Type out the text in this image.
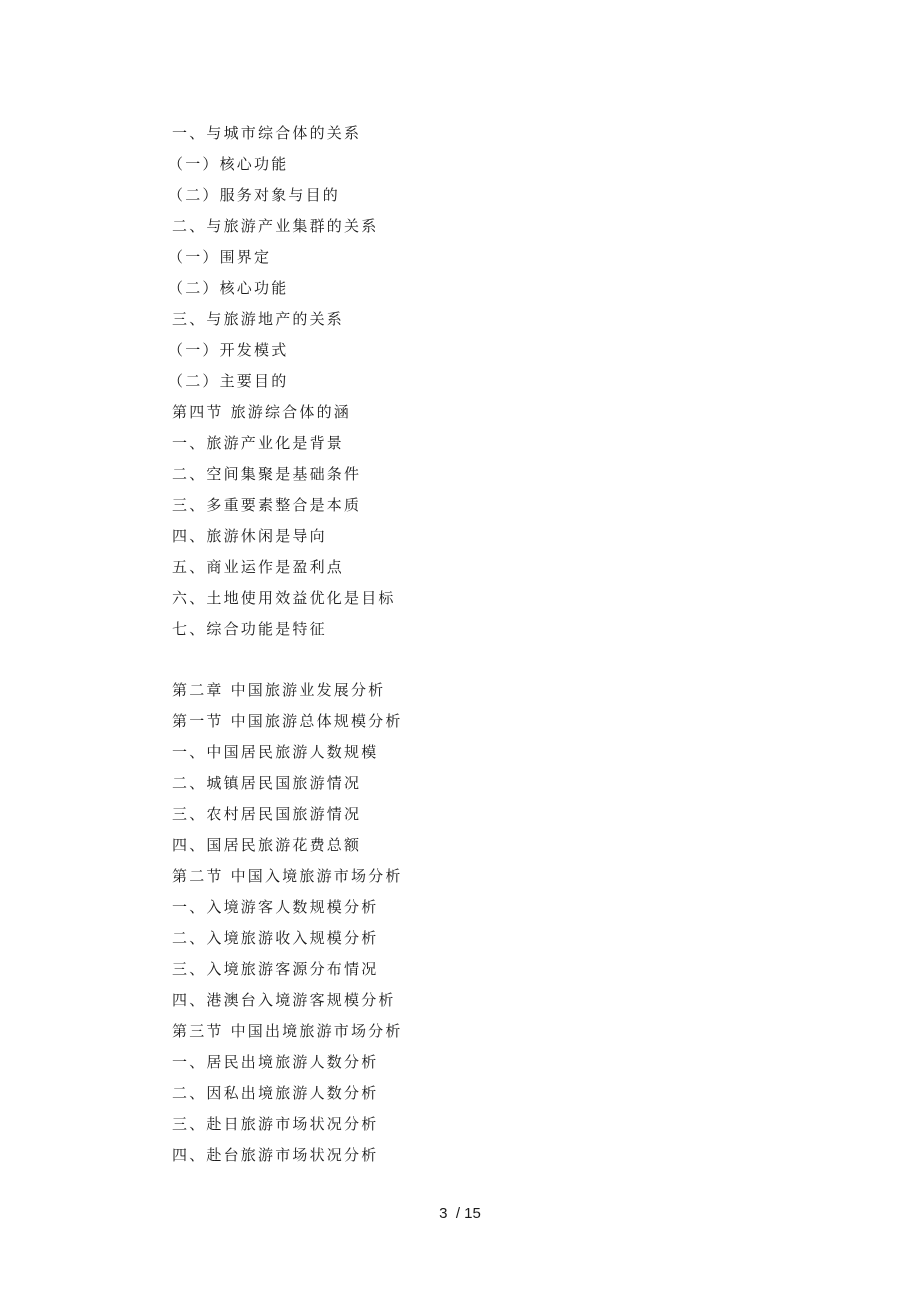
一、与城市综合体的关系
（一）核心功能
（二）服务对象与目的
二、与旅游产业集群的关系
（一）围界定
（二）核心功能
三、与旅游地产的关系
（一）开发模式
（二）主要目的
第四节 旅游综合体的涵
一、旅游产业化是背景
二、空间集聚是基础条件
三、多重要素整合是本质
四、旅游休闲是导向
五、商业运作是盈利点
六、土地使用效益优化是目标
七、综合功能是特征
第二章 中国旅游业发展分析
第一节 中国旅游总体规模分析
一、中国居民旅游人数规模
二、城镇居民国旅游情况
三、农村居民国旅游情况
四、国居民旅游花费总额
第二节 中国入境旅游市场分析
一、入境游客人数规模分析
二、入境旅游收入规模分析
三、入境旅游客源分布情况
四、港澳台入境游客规模分析
第三节 中国出境旅游市场分析
一、居民出境旅游人数分析
二、因私出境旅游人数分析
三、赴日旅游市场状况分析
四、赴台旅游市场状况分析
3  / 15
